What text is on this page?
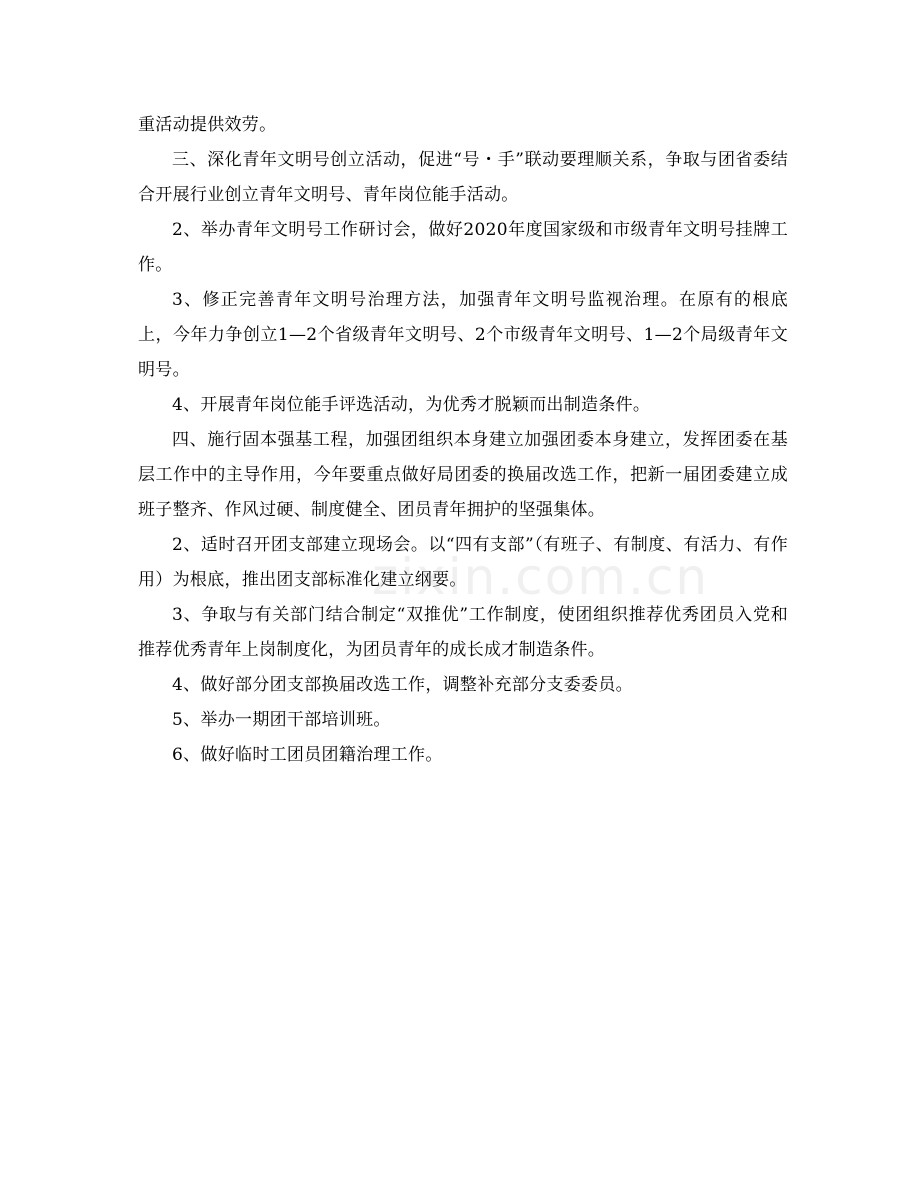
重活动提供效劳。

三、深化青年文明号创立活动，促进“号・手”联动要理顺关系，争取与团省委结合开展行业创立青年文明号、青年岗位能手活动。

2、举办青年文明号工作研讨会，做好2020年度国家级和市级青年文明号挂牌工作。

3、修正完善青年文明号治理方法，加强青年文明号监视治理。在原有的根底上，今年力争创立1—2个省级青年文明号、2个市级青年文明号、1—2个局级青年文明号。

4、开展青年岗位能手评选活动，为优秀才脱颖而出制造条件。

四、施行固本强基工程，加强团组织本身建立加强团委本身建立，发挥团委在基层工作中的主导作用，今年要重点做好局团委的换届改选工作，把新一届团委建立成班子整齐、作风过硬、制度健全、团员青年拥护的坚强集体。

2、适时召开团支部建立现场会。以“四有支部”（有班子、有制度、有活力、有作用）为根底，推出团支部标准化建立纲要。

3、争取与有关部门结合制定“双推优”工作制度，使团组织推荐优秀团员入党和推荐优秀青年上岗制度化，为团员青年的成长成才制造条件。

4、做好部分团支部换届改选工作，调整补充部分支委委员。

5、举办一期团干部培训班。

6、做好临时工团员团籍治理工作。

zixin.com.cn
